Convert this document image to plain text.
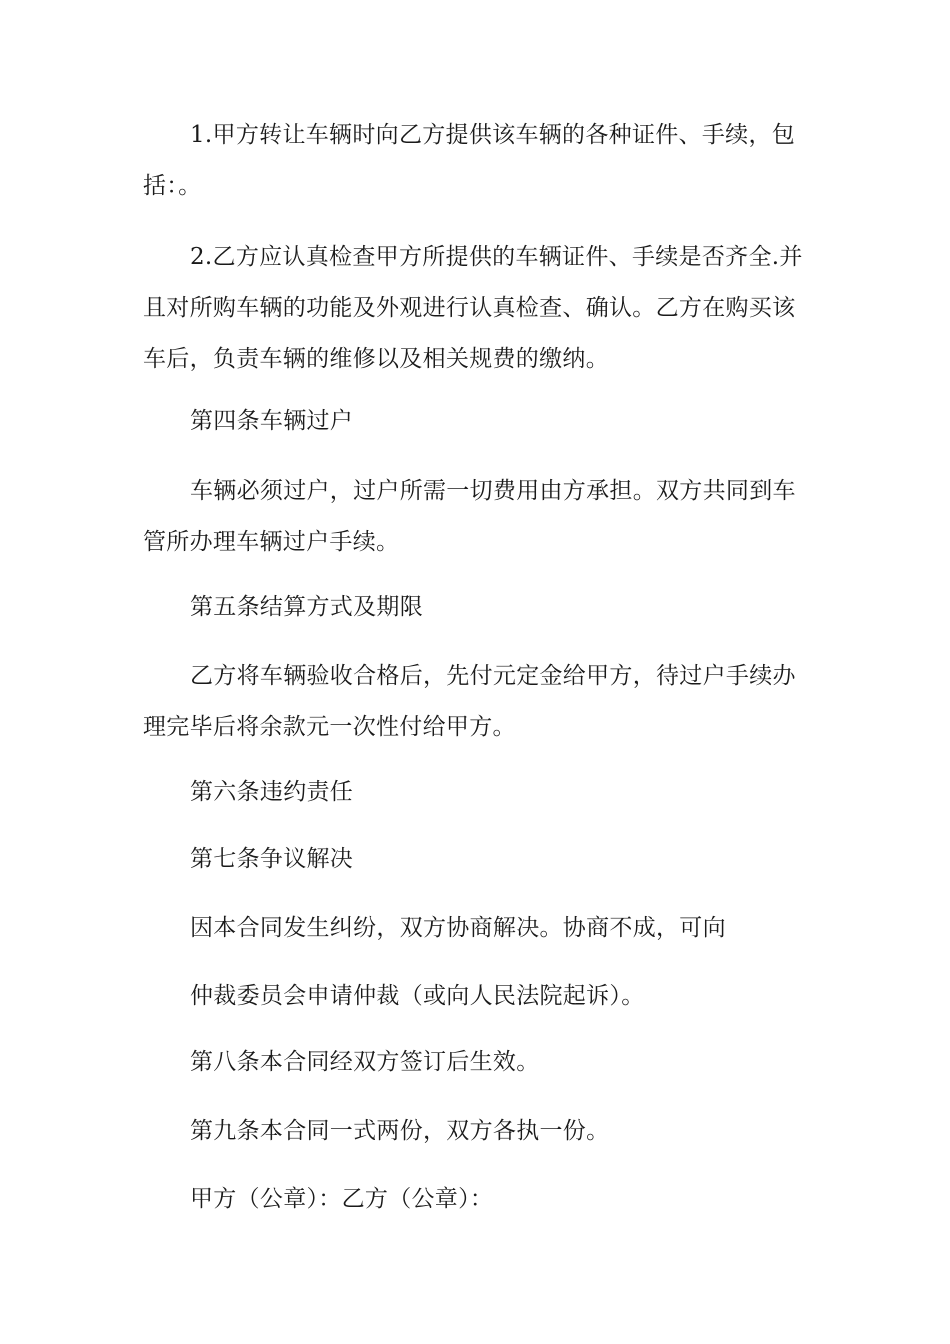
1.甲方转让车辆时向乙方提供该车辆的各种证件、手续，包括：。

2.乙方应认真检查甲方所提供的车辆证件、手续是否齐全.并且对所购车辆的功能及外观进行认真检查、确认。乙方在购买该车后，负责车辆的维修以及相关规费的缴纳。

第四条车辆过户

车辆必须过户，过户所需一切费用由方承担。双方共同到车管所办理车辆过户手续。

第五条结算方式及期限

乙方将车辆验收合格后，先付元定金给甲方，待过户手续办理完毕后将余款元一次性付给甲方。

第六条违约责任

第七条争议解决

因本合同发生纠纷，双方协商解决。协商不成，可向

仲裁委员会申请仲裁（或向人民法院起诉）。

第八条本合同经双方签订后生效。

第九条本合同一式两份，双方各执一份。

甲方（公章）：乙方（公章）：
